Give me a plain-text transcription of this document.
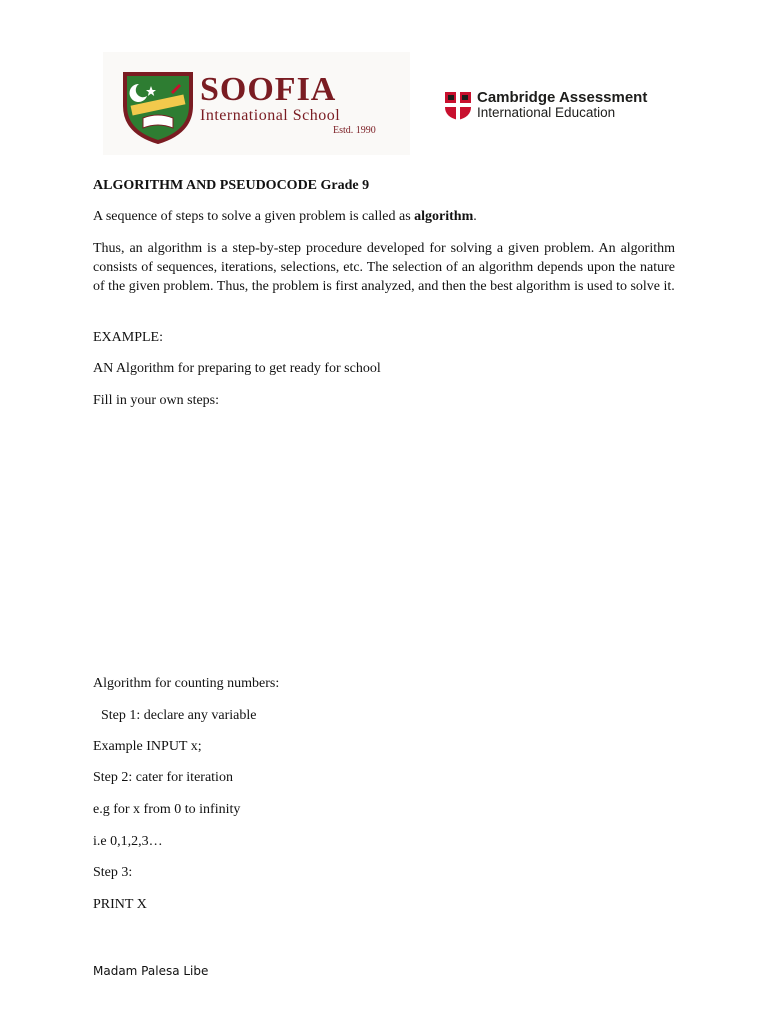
SOOFIA
International School
Estd. 1990
Cambridge Assessment
International Education

ALGORITHM AND PSEUDOCODE Grade 9

A sequence of steps to solve a given problem is called as algorithm.

Thus, an algorithm is a step-by-step procedure developed for solving a given problem. An algorithm consists of sequences, iterations, selections, etc. The selection of an algorithm depends upon the nature of the given problem. Thus, the problem is first analyzed, and then the best algorithm is used to solve it.

EXAMPLE:

AN Algorithm for preparing to get ready for school

Fill in your own steps:

Algorithm for counting numbers:

Step 1: declare any variable

Example INPUT x;

Step 2: cater for iteration

e.g for x from 0 to infinity

i.e 0,1,2,3…

Step 3:

PRINT X

Madam Palesa Libe
